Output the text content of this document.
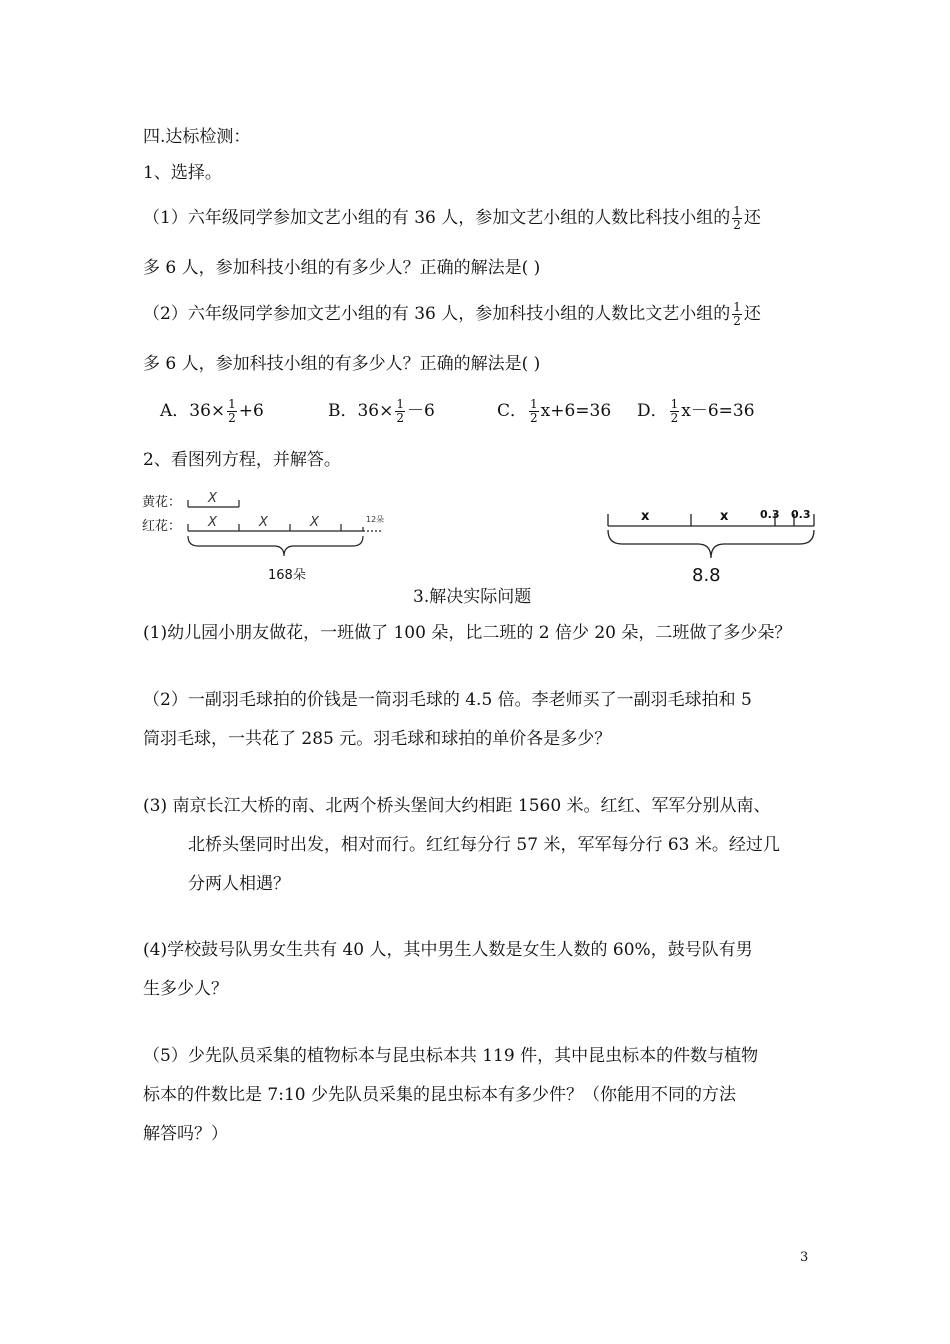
四.达标检测：
1、选择。
（1）六年级同学参加文艺小组的有 36 人，参加文艺小组的人数比科技小组的 $\frac{1}{2}$ 还
多 6 人，参加科技小组的有多少人？正确的解法是( )
（2）六年级同学参加文艺小组的有 36 人，参加科技小组的人数比文艺小组的 $\frac{1}{2}$ 还
多 6 人，参加科技小组的有多少人？正确的解法是( )
A．$36\times \frac{1}{2} +6$	B．$36\times \frac{1}{2} -6$	C． $\frac{1}{2} x+6=36$ D． $\frac{1}{2} x-6=36$
2、看图列方程，并解答。
黄花：
红花：
X
X	X	X	12朵
168朵
x	x	0.3 0.3
8.8
3.解决实际问题
(1)幼儿园小朋友做花，一班做了 100 朵，比二班的 2 倍少 20 朵，二班做了多少朵？
（2）一副羽毛球拍的价钱是一筒羽毛球的 4.5 倍。李老师买了一副羽毛球拍和 5
筒羽毛球，一共花了 285 元。羽毛球和球拍的单价各是多少？
(3) 南京长江大桥的南、北两个桥头堡间大约相距 1560 米。红红、军军分别从南、
北桥头堡同时出发，相对而行。红红每分行 57 米，军军每分行 63 米。经过几
分两人相遇？
(4)学校鼓号队男女生共有 40 人，其中男生人数是女生人数的 60%，鼓号队有男
生多少人？
（5）少先队员采集的植物标本与昆虫标本共 119 件，其中昆虫标本的件数与植物
标本的件数比是 7:10 少先队员采集的昆虫标本有多少件？（你能用不同的方法
解答吗？）
3
